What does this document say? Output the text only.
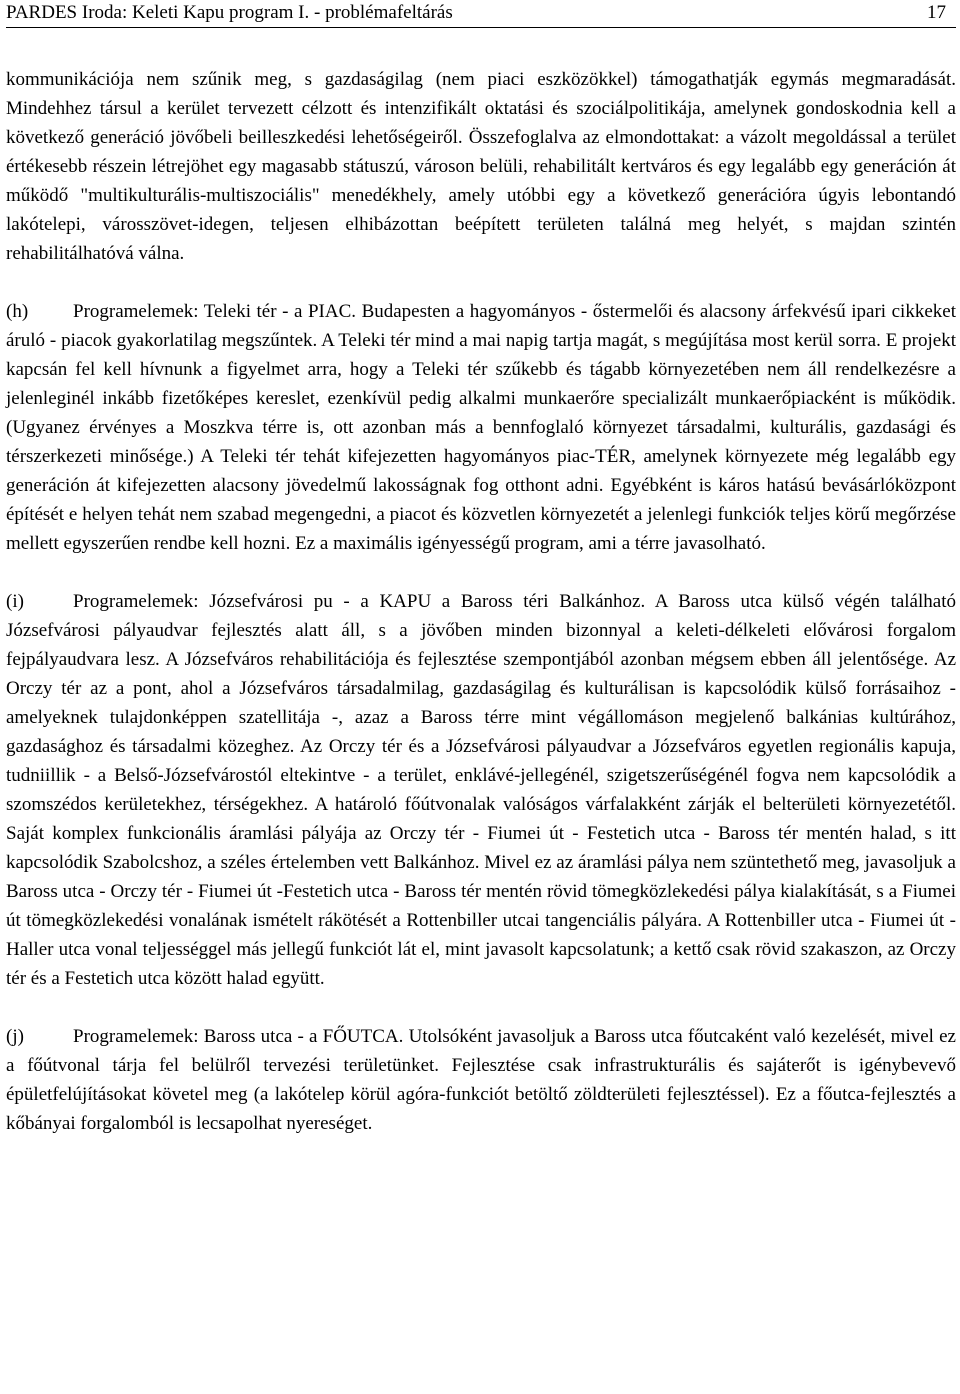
PARDES Iroda: Keleti Kapu program I. - problémafeltárás	17

kommunikációja nem szűnik meg, s gazdaságilag (nem piaci eszközökkel) támogathatják egymás megmaradását. Mindehhez társul a kerület tervezett célzott és intenzifikált oktatási és szociálpolitikája, amelynek gondoskodnia kell a következő generáció jövőbeli beilleszkedési lehetőségeiről. Összefoglalva az elmondottakat: a vázolt megoldással a terület értékesebb részein létrejöhet egy magasabb státuszú, városon belüli, rehabilitált kertváros és egy legalább egy generáción át működő "multikulturális-multiszociális" menedékhely, amely utóbbi egy a következő generációra úgyis lebontandó lakótelepi, városszövet-idegen, teljesen elhibázottan beépített területen találná meg helyét, s majdan szintén rehabilitálhatóvá válna.

(h) Programelemek: Teleki tér - a PIAC. Budapesten a hagyományos - őstermelői és alacsony árfekvésű ipari cikkeket áruló - piacok gyakorlatilag megszűntek. A Teleki tér mind a mai napig tartja magát, s megújítása most kerül sorra. E projekt kapcsán fel kell hívnunk a figyelmet arra, hogy a Teleki tér szűkebb és tágabb környezetében nem áll rendelkezésre a jelenleginél inkább fizetőképes kereslet, ezenkívül pedig alkalmi munkaerőre specializált munkaerőpiacként is működik. (Ugyanez érvényes a Moszkva térre is, ott azonban más a bennfoglaló környezet társadalmi, kulturális, gazdasági és térszerkezeti minősége.) A Teleki tér tehát kifejezetten hagyományos piac-TÉR, amelynek környezete még legalább egy generáción át kifejezetten alacsony jövedelmű lakosságnak fog otthont adni. Egyébként is káros hatású bevásárlóközpont építését e helyen tehát nem szabad megengedni, a piacot és közvetlen környezetét a jelenlegi funkciók teljes körű megőrzése mellett egyszerűen rendbe kell hozni. Ez a maximális igényességű program, ami a térre javasolható.

(i)	Programelemek: Józsefvárosi pu - a KAPU a Baross téri Balkánhoz. A Baross utca külső végén található Józsefvárosi pályaudvar fejlesztés alatt áll, s a jövőben minden bizonnyal a keleti-délkeleti elővárosi forgalom fejpályaudvara lesz. A Józsefváros rehabilitációja és fejlesztése szempontjából azonban mégsem ebben áll jelentősége. Az Orczy tér az a pont, ahol a Józsefváros társadalmilag, gazdaságilag és kulturálisan is kapcsolódik külső forrásaihoz - amelyeknek tulajdonképpen szatellitája -, azaz a Baross térre mint végállomáson megjelenő balkánias kultúrához, gazdasághoz és társadalmi közeghez. Az Orczy tér és a Józsefvárosi pályaudvar a Józsefváros egyetlen regionális kapuja, tudniillik - a Belső-Józsefvárostól eltekintve - a terület, enklávé-jellegénél, szigetszerűségénél fogva nem kapcsolódik a szomszédos kerületekhez, térségekhez. A határoló főútvonalak valóságos várfalakként zárják el belterületi környezetétől. Saját komplex funkcionális áramlási pályája az Orczy tér - Fiumei út - Festetich utca - Baross tér mentén halad, s itt kapcsolódik Szabolcshoz, a széles értelemben vett Balkánhoz. Mivel ez az áramlási pálya nem szüntethető meg, javasoljuk a Baross utca - Orczy tér - Fiumei út -Festetich utca - Baross tér mentén rövid tömegközlekedési pálya kialakítását, s a Fiumei út tömegközlekedési vonalának ismételt rákötését a Rottenbiller utcai tangenciális pályára. A Rottenbiller utca - Fiumei út - Haller utca vonal teljességgel más jellegű funkciót lát el, mint javasolt kapcsolatunk; a kettő csak rövid szakaszon, az Orczy tér és a Festetich utca között halad együtt.

(j)	Programelemek: Baross utca - a FŐUTCA. Utolsóként javasoljuk a Baross utca főutcaként való kezelését, mivel ez a főútvonal tárja fel belülről tervezési területünket. Fejlesztése csak infrastrukturális és sajáterőt is igénybevevő épületfelújításokat követel meg (a lakótelep körül agóra-funkciót betöltő zöldterületi fejlesztéssel). Ez a főutca-fejlesztés a kőbányai forgalomból is lecsapolhat nyereséget.
